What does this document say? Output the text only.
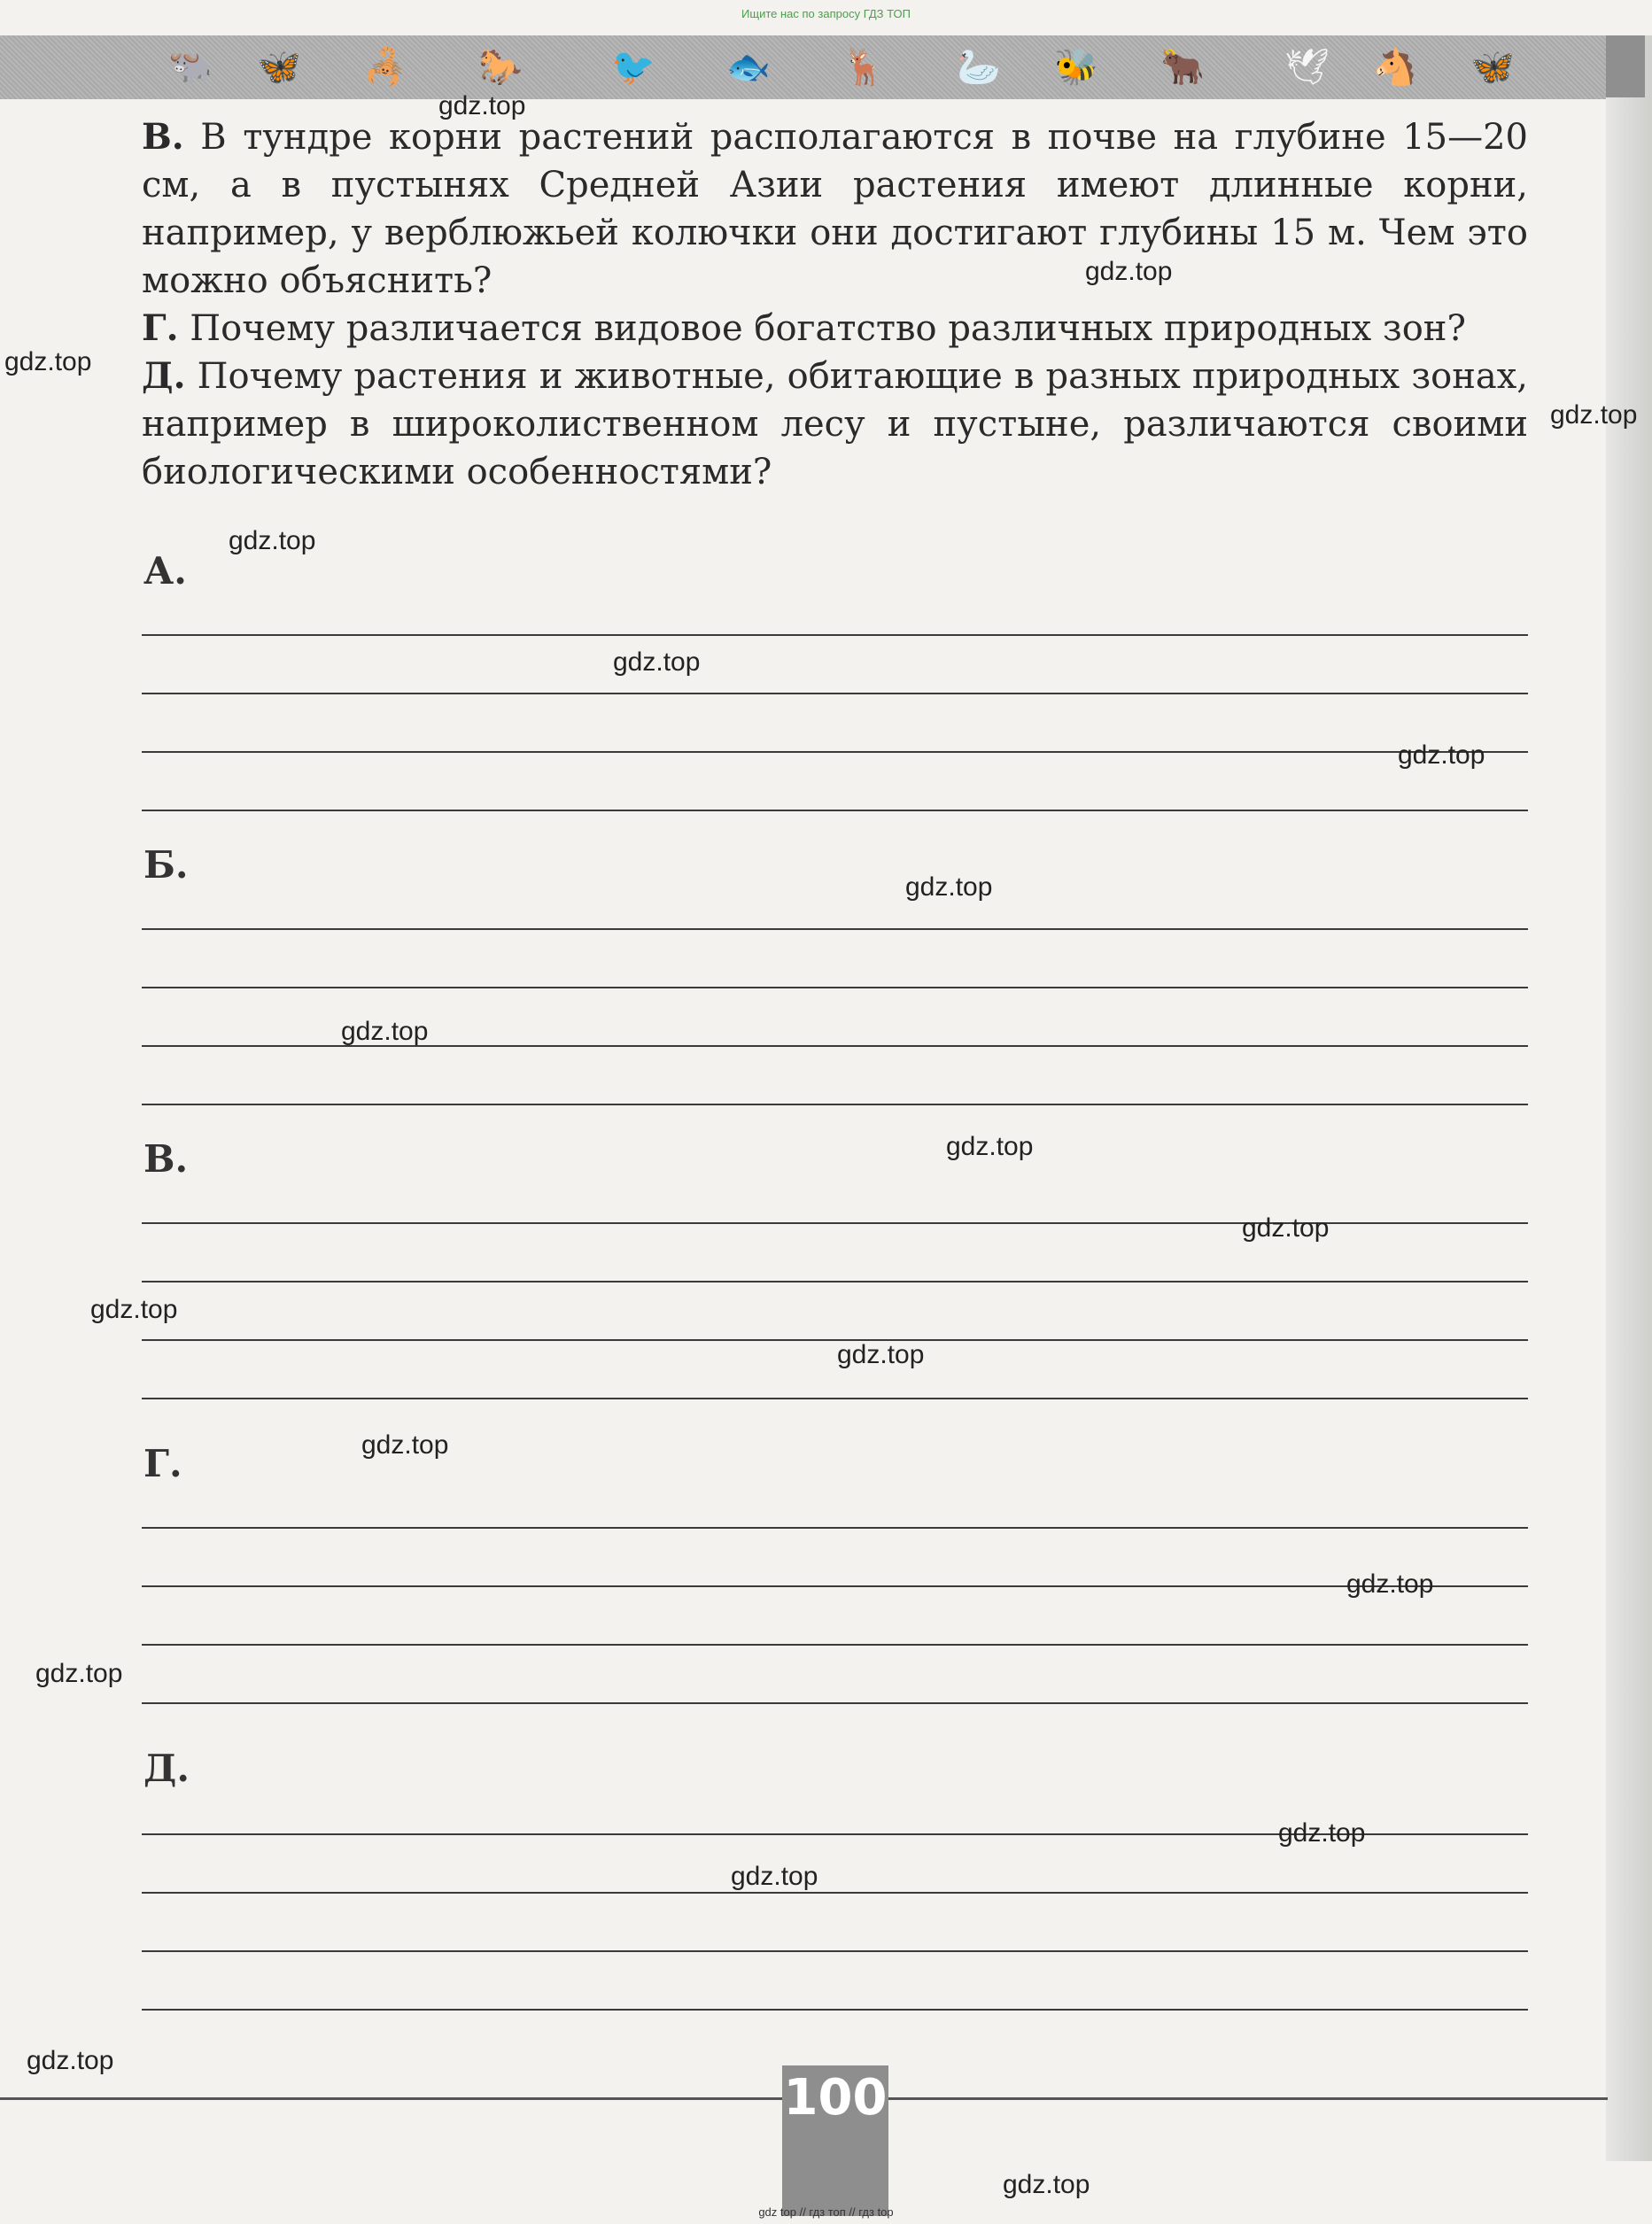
Ищите нас по запросу ГДЗ ТОП
🐃 🦋 🦂 🐎	🐦 🐟 🦌 🦢 🐝 🐂 🕊 🐴 🦋

В. В тундре корни растений располагаются в почве на глубине 15—20 см, а в пустынях Средней Азии растения имеют длинные корни, например, у верблюжьей колючки они достигают глубины 15 м. Чем это можно объяснить?

Г. Почему различается видовое богатство различных природных зон?

Д. Почему растения и животные, обитающие в разных природных зонах, например в широколиственном лесу и пустыне, различаются своими биологическими особенностями?

А.
Б.
В.
Г.
Д.
100
gdz.top
gdz.top
gdz.top
gdz.top
gdz.top
gdz.top
gdz.top
gdz.top
gdz.top
gdz.top
gdz.top
gdz.top
gdz.top
gdz.top
gdz.top
gdz.top
gdz.top
gdz.top
gdz.top
gdz.top
gdz top // гдз топ // гдз top
